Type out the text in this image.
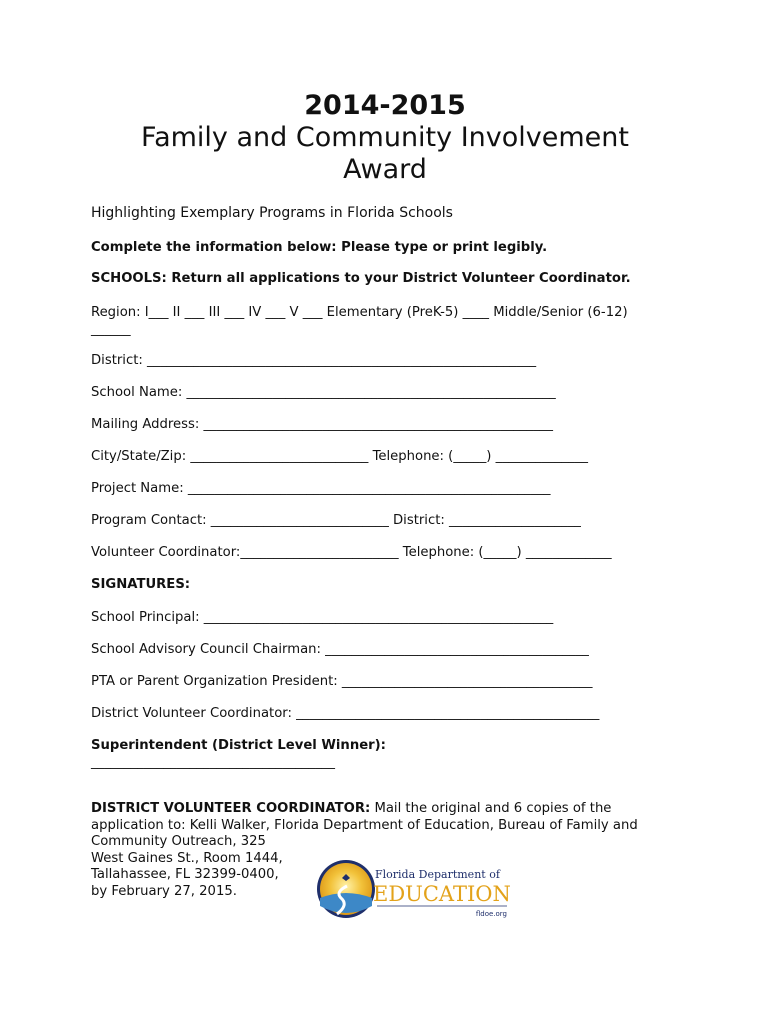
2014-2015
Family and Community Involvement
Award
Highlighting Exemplary Programs in Florida Schools
Complete the information below: Please type or print legibly.
SCHOOLS: Return all applications to your District Volunteer Coordinator.
Region: I___ II ___ III ___ IV ___ V ___ Elementary (PreK-5) ____ Middle/Senior (6-12)
______
District: ___________________________________________________________
School Name: ________________________________________________________
Mailing Address: _____________________________________________________
City/State/Zip: ___________________________ Telephone: (_____) ______________
Project Name: _______________________________________________________
Program Contact: ___________________________ District: ____________________
Volunteer Coordinator:________________________ Telephone: (_____) _____________
SIGNATURES:
School Principal: _____________________________________________________
School Advisory Council Chairman: ________________________________________
PTA or Parent Organization President: ______________________________________
District Volunteer Coordinator: ______________________________________________
Superintendent (District Level Winner):
_____________________________________
DISTRICT VOLUNTEER COORDINATOR: Mail the original and 6 copies of the
application to: Kelli Walker, Florida Department of Education, Bureau of Family and
Community Outreach, 325
West Gaines St., Room 1444,
Tallahassee, FL 32399-0400,
by February 27, 2015.
Florida Department of
EDUCATION
fldoe.org
